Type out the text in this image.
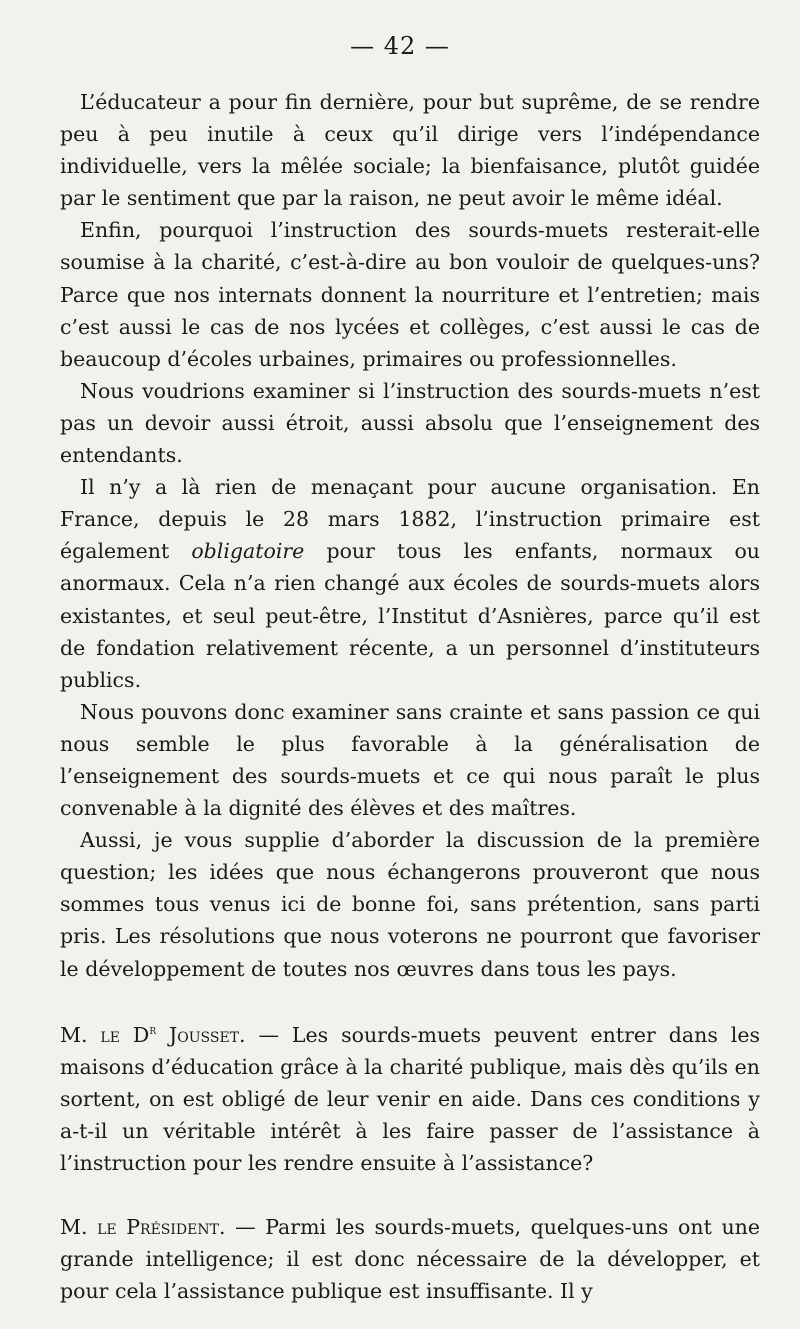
— 42 —

L’éducateur a pour fin dernière, pour but suprême, de se rendre peu à peu inutile à ceux qu’il dirige vers l’indépendance individuelle, vers la mêlée sociale; la bienfaisance, plutôt guidée par le sentiment que par la raison, ne peut avoir le même idéal.

Enfin, pourquoi l’instruction des sourds-muets resterait-elle soumise à la charité, c’est-à-dire au bon vouloir de quelques-uns? Parce que nos internats donnent la nourriture et l’entretien; mais c’est aussi le cas de nos lycées et collèges, c’est aussi le cas de beaucoup d’écoles urbaines, primaires ou professionnelles.

Nous voudrions examiner si l’instruction des sourds-muets n’est pas un devoir aussi étroit, aussi absolu que l’enseignement des entendants.

Il n’y a là rien de menaçant pour aucune organisation. En France, depuis le 28 mars 1882, l’instruction primaire est également obligatoire pour tous les enfants, normaux ou anormaux. Cela n’a rien changé aux écoles de sourds-muets alors existantes, et seul peut-être, l’Institut d’Asnières, parce qu’il est de fondation relativement récente, a un personnel d’instituteurs publics.

Nous pouvons donc examiner sans crainte et sans passion ce qui nous semble le plus favorable à la généralisation de l’enseignement des sourds-muets et ce qui nous paraît le plus convenable à la dignité des élèves et des maîtres.

Aussi, je vous supplie d’aborder la discussion de la première question; les idées que nous échangerons prouveront que nous sommes tous venus ici de bonne foi, sans prétention, sans parti pris. Les résolutions que nous voterons ne pourront que favoriser le développement de toutes nos œuvres dans tous les pays.

M. le $D^r$ Jousset. — Les sourds-muets peuvent entrer dans les maisons d’éducation grâce à la charité publique, mais dès qu’ils en sortent, on est obligé de leur venir en aide. Dans ces conditions y a-t-il un véritable intérêt à les faire passer de l’assistance à l’instruction pour les rendre ensuite à l’assistance?

M. le Président. — Parmi les sourds-muets, quelques-uns ont une grande intelligence; il est donc nécessaire de la développer, et pour cela l’assistance publique est insuffisante. Il y
